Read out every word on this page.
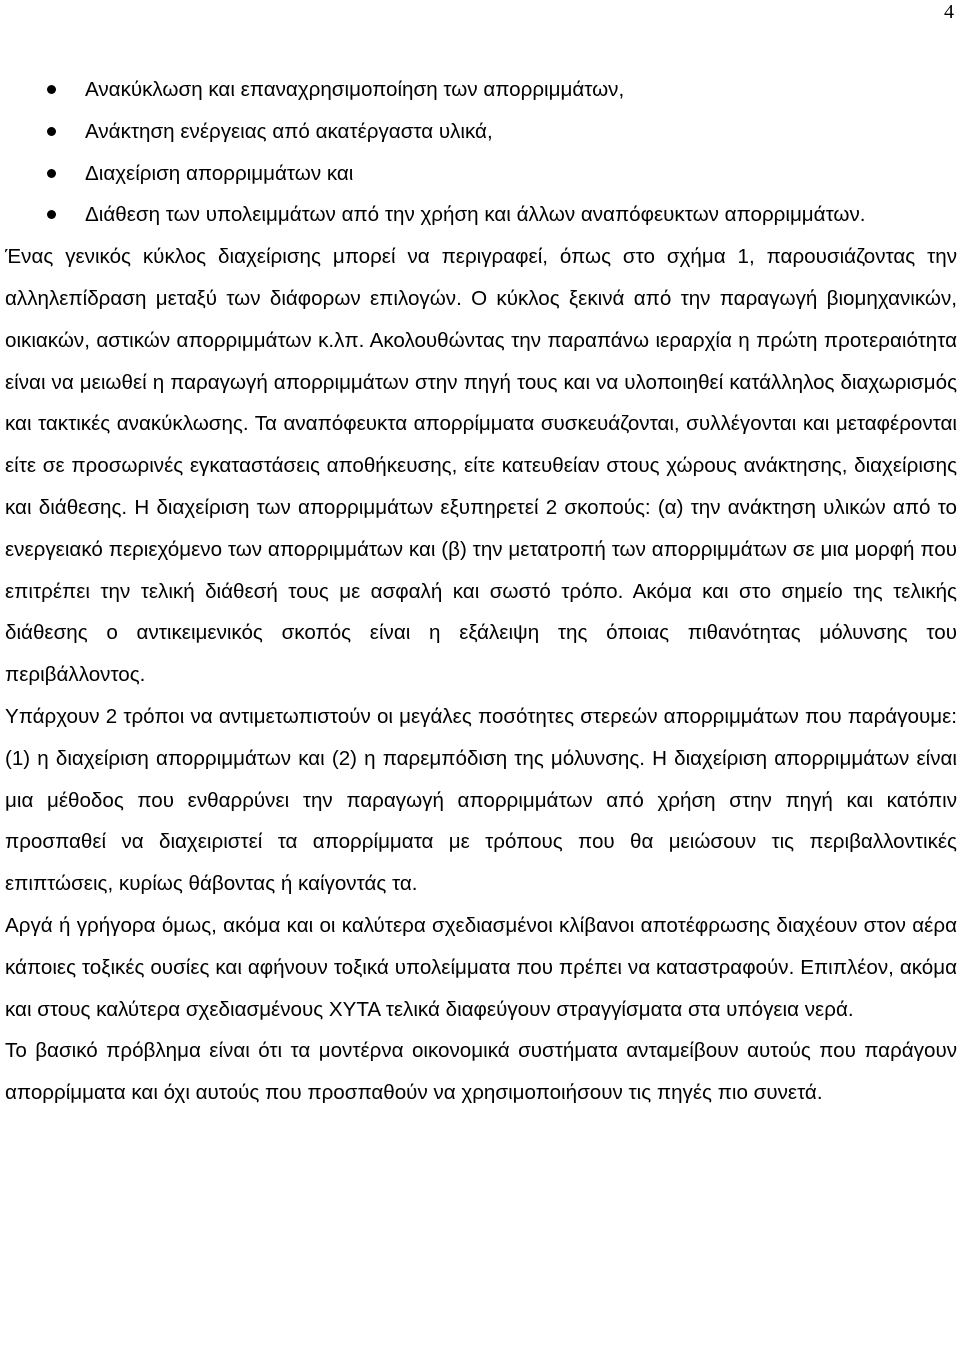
4
Ανακύκλωση και επαναχρησιμοποίηση των απορριμμάτων,
Ανάκτηση ενέργειας από ακατέργαστα υλικά,
Διαχείριση απορριμμάτων και
Διάθεση των υπολειμμάτων από την χρήση και άλλων αναπόφευκτων απορριμμάτων.

Ένας γενικός κύκλος διαχείρισης μπορεί να περιγραφεί, όπως στο σχήμα 1, παρουσιάζοντας την αλληλεπίδραση μεταξύ των διάφορων επιλογών. Ο κύκλος ξεκινά από την παραγωγή βιομηχανικών, οικιακών, αστικών απορριμμάτων κ.λπ. Ακολουθώντας την παραπάνω ιεραρχία η πρώτη προτεραιότητα είναι να μειωθεί η παραγωγή απορριμμάτων στην πηγή τους και να υλοποιηθεί κατάλληλος διαχωρισμός και τακτικές ανακύκλωσης. Τα αναπόφευκτα απορρίμματα συσκευάζονται, συλλέγονται και μεταφέρονται είτε σε προσωρινές εγκαταστάσεις αποθήκευσης, είτε κατευθείαν στους χώρους ανάκτησης, διαχείρισης και διάθεσης. Η διαχείριση των απορριμμάτων εξυπηρετεί 2 σκοπούς: (α) την ανάκτηση υλικών από το ενεργειακό περιεχόμενο των απορριμμάτων και (β) την μετατροπή των απορριμμάτων σε μια μορφή που επιτρέπει την τελική διάθεσή τους με ασφαλή και σωστό τρόπο. Ακόμα και στο σημείο της τελικής διάθεσης ο αντικειμενικός σκοπός είναι η εξάλειψη της όποιας πιθανότητας μόλυνσης του περιβάλλοντος.

Υπάρχουν 2 τρόποι να αντιμετωπιστούν οι μεγάλες ποσότητες στερεών απορριμμάτων που παράγουμε: (1) η διαχείριση απορριμμάτων και (2) η παρεμπόδιση της μόλυνσης. Η διαχείριση απορριμμάτων είναι μια μέθοδος που ενθαρρύνει την παραγωγή απορριμμάτων από χρήση στην πηγή και κατόπιν προσπαθεί να διαχειριστεί τα απορρίμματα με τρόπους που θα μειώσουν τις περιβαλλοντικές επιπτώσεις, κυρίως θάβοντας ή καίγοντάς τα.

Αργά ή γρήγορα όμως, ακόμα και οι καλύτερα σχεδιασμένοι κλίβανοι αποτέφρωσης διαχέουν στον αέρα κάποιες τοξικές ουσίες και αφήνουν τοξικά υπολείμματα που πρέπει να καταστραφούν. Επιπλέον, ακόμα και στους καλύτερα σχεδιασμένους ΧΥΤΑ τελικά διαφεύγουν στραγγίσματα στα υπόγεια νερά.

Το βασικό πρόβλημα είναι ότι τα μοντέρνα οικονομικά συστήματα ανταμείβουν αυτούς που παράγουν απορρίμματα και όχι αυτούς που προσπαθούν να χρησιμοποιήσουν τις πηγές πιο συνετά.
